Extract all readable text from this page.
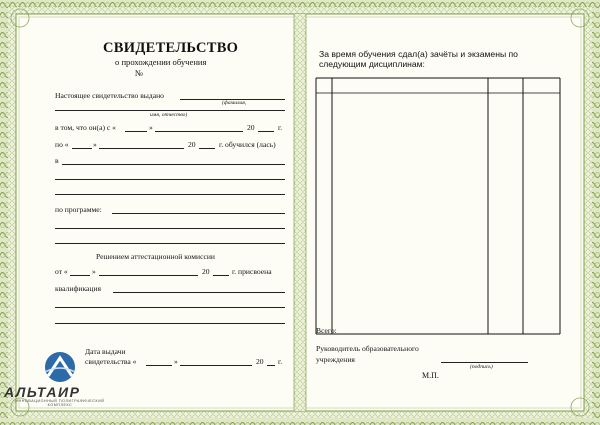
СВИДЕТЕЛЬСТВО
о прохождении обучения
№
Настоящее свидетельство выдано
(фамилия,
имя, отчество)
в том, что он(а) с «	»	20	г.
по «	»	20	г. обучился (лась)
в
по программе:
Решением аттестационной комиссии
от «	»	20	г. присвоена
квалификация
Дата выдачи
свидетельства «	»	20 г.
АЛЬТАИР
ИННОВАЦИОННЫЙ ПОЛИГРАФИЧЕСКИЙ КОМПЛЕКС
За время обучения сдал(а) зачёты и экзамены по
следующим дисциплинам:
Всего:
Руководитель образовательного
учреждения
(подпись)
М.П.
